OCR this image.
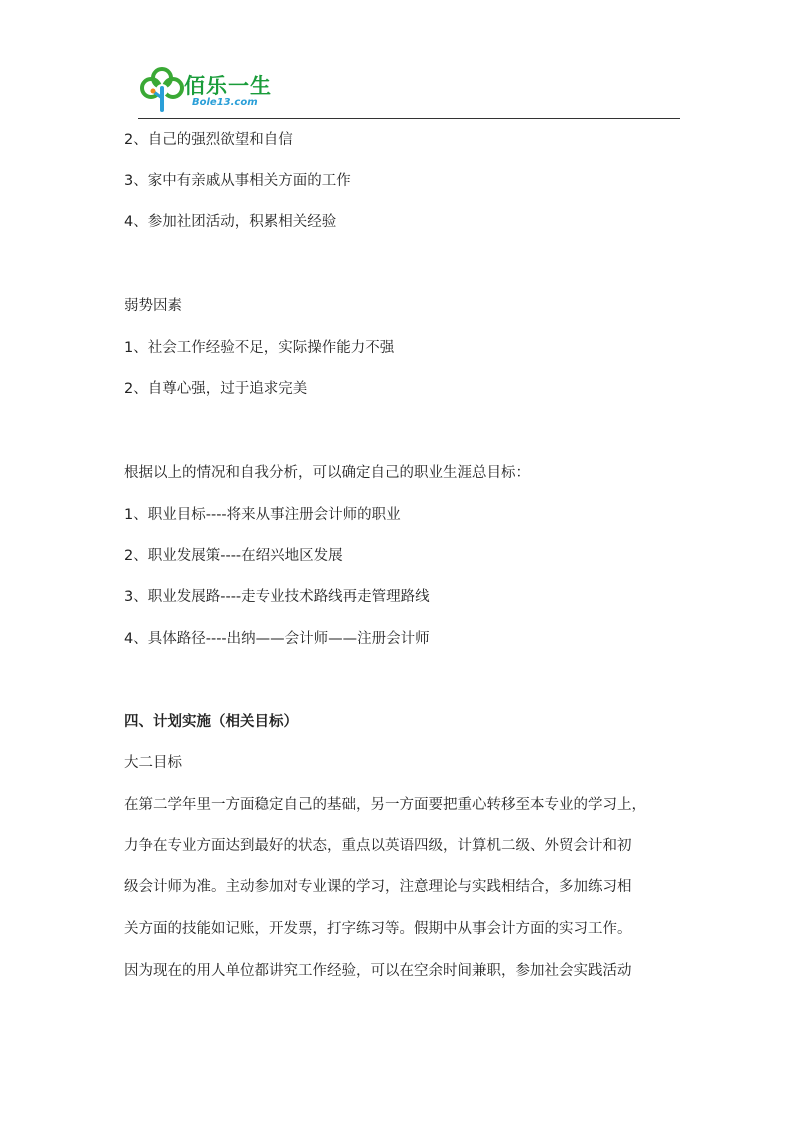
佰乐一生
Bole13.com
2、自己的强烈欲望和自信
3、家中有亲戚从事相关方面的工作
4、参加社团活动，积累相关经验
弱势因素
1、社会工作经验不足，实际操作能力不强
2、自尊心强，过于追求完美
根据以上的情况和自我分析，可以确定自己的职业生涯总目标：
1、职业目标----将来从事注册会计师的职业
2、职业发展策----在绍兴地区发展
3、职业发展路----走专业技术路线再走管理路线
4、具体路径----出纳——会计师——注册会计师
四、计划实施（相关目标）
大二目标
在第二学年里一方面稳定自己的基础，另一方面要把重心转移至本专业的学习上，
力争在专业方面达到最好的状态，重点以英语四级，计算机二级、外贸会计和初
级会计师为准。主动参加对专业课的学习，注意理论与实践相结合，多加练习相
关方面的技能如记账，开发票，打字练习等。假期中从事会计方面的实习工作。
因为现在的用人单位都讲究工作经验，可以在空余时间兼职，参加社会实践活动
